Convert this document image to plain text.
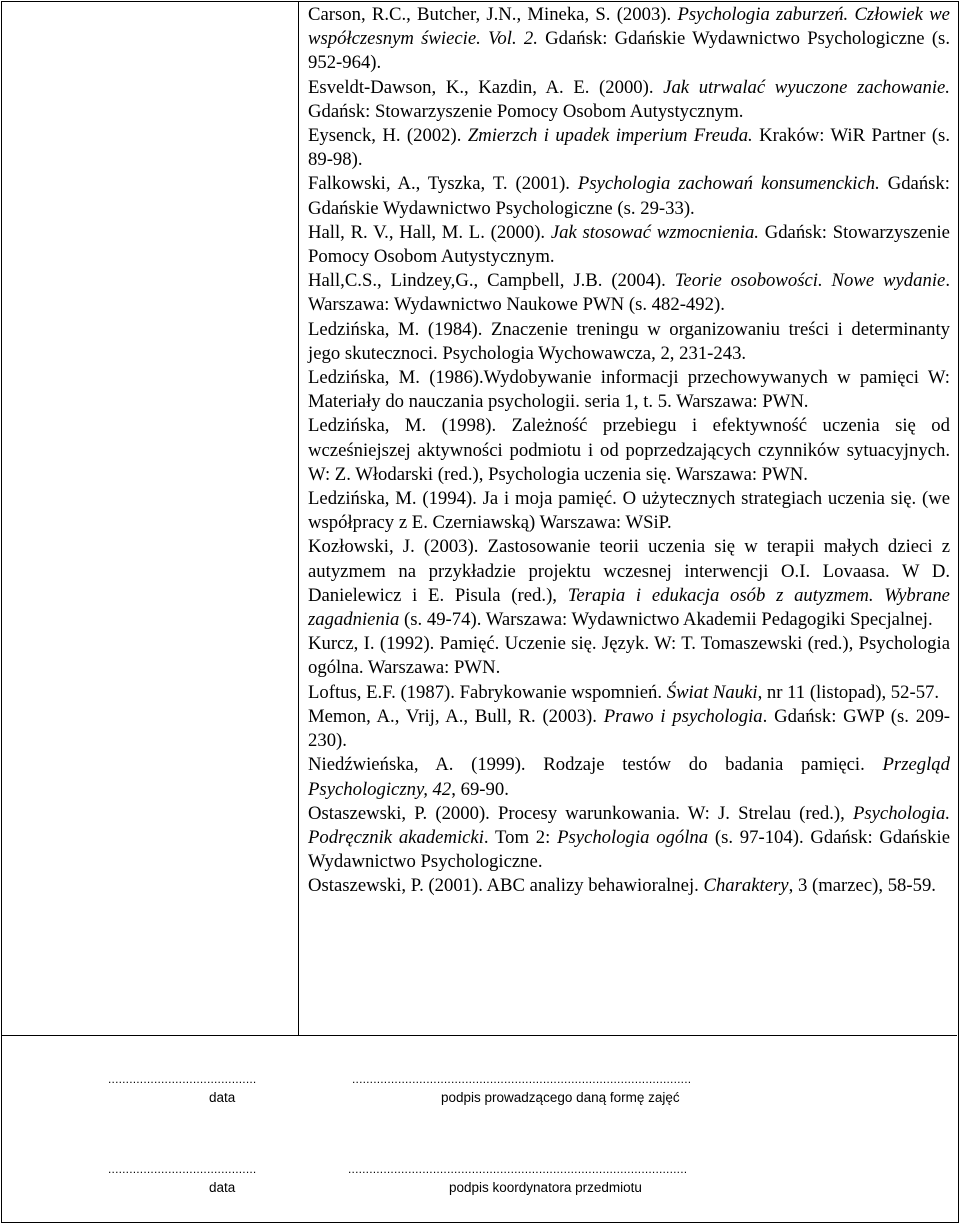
Carson, R.C., Butcher, J.N., Mineka, S. (2003). Psychologia zaburzeń. Człowiek we współczesnym świecie. Vol. 2. Gdańsk: Gdańskie Wydawnictwo Psychologiczne (s. 952-964).

Esveldt-Dawson, K., Kazdin, A. E. (2000). Jak utrwalać wyuczone zachowanie. Gdańsk: Stowarzyszenie Pomocy Osobom Autystycznym.

Eysenck, H. (2002). Zmierzch i upadek imperium Freuda. Kraków: WiR Partner (s. 89-98).

Falkowski, A., Tyszka, T. (2001). Psychologia zachowań konsumenckich. Gdańsk: Gdańskie Wydawnictwo Psychologiczne (s. 29-33).

Hall, R. V., Hall, M. L. (2000). Jak stosować wzmocnienia. Gdańsk: Stowarzyszenie Pomocy Osobom Autystycznym.

Hall,C.S., Lindzey,G., Campbell, J.B. (2004). Teorie osobowości. Nowe wydanie. Warszawa: Wydawnictwo Naukowe PWN (s. 482-492).

Ledzińska, M. (1984). Znaczenie treningu w organizowaniu treści i determinanty jego skutecznoci. Psychologia Wychowawcza, 2, 231-243.

Ledzińska, M. (1986).Wydobywanie informacji przechowywanych w pamięci W: Materiały do nauczania psychologii. seria 1, t. 5. Warszawa: PWN.

Ledzińska, M. (1998). Zależność przebiegu i efektywność uczenia się od wcześniejszej aktywności podmiotu i od poprzedzających czynników sytuacyjnych. W: Z. Włodarski (red.), Psychologia uczenia się. Warszawa: PWN.

Ledzińska, M. (1994). Ja i moja pamięć. O użytecznych strategiach uczenia się. (we współpracy z E. Czerniawską) Warszawa: WSiP.

Kozłowski, J. (2003). Zastosowanie teorii uczenia się w terapii małych dzieci z autyzmem na przykładzie projektu wczesnej interwencji O.I. Lovaasa. W D. Danielewicz i E. Pisula (red.), Terapia i edukacja osób z autyzmem. Wybrane zagadnienia (s. 49-74). Warszawa: Wydawnictwo Akademii Pedagogiki Specjalnej.

Kurcz, I. (1992). Pamięć. Uczenie się. Język. W: T. Tomaszewski (red.), Psychologia ogólna. Warszawa: PWN.

Loftus, E.F. (1987). Fabrykowanie wspomnień. Świat Nauki, nr 11 (listopad), 52-57.

Memon, A., Vrij, A., Bull, R. (2003). Prawo i psychologia. Gdańsk: GWP (s. 209-230).

Niedźwieńska, A. (1999). Rodzaje testów do badania pamięci. Przegląd Psychologiczny, 42, 69-90.

Ostaszewski, P. (2000). Procesy warunkowania. W: J. Strelau (red.), Psychologia. Podręcznik akademicki. Tom 2: Psychologia ogólna (s. 97-104). Gdańsk: Gdańskie Wydawnictwo Psychologiczne.

Ostaszewski, P. (2001). ABC analizy behawioralnej. Charaktery, 3 (marzec), 58-59.

..........................................	................................................................................................
data	podpis prowadzącego daną formę zajęć
..........................................	................................................................................................
data	podpis koordynatora przedmiotu
